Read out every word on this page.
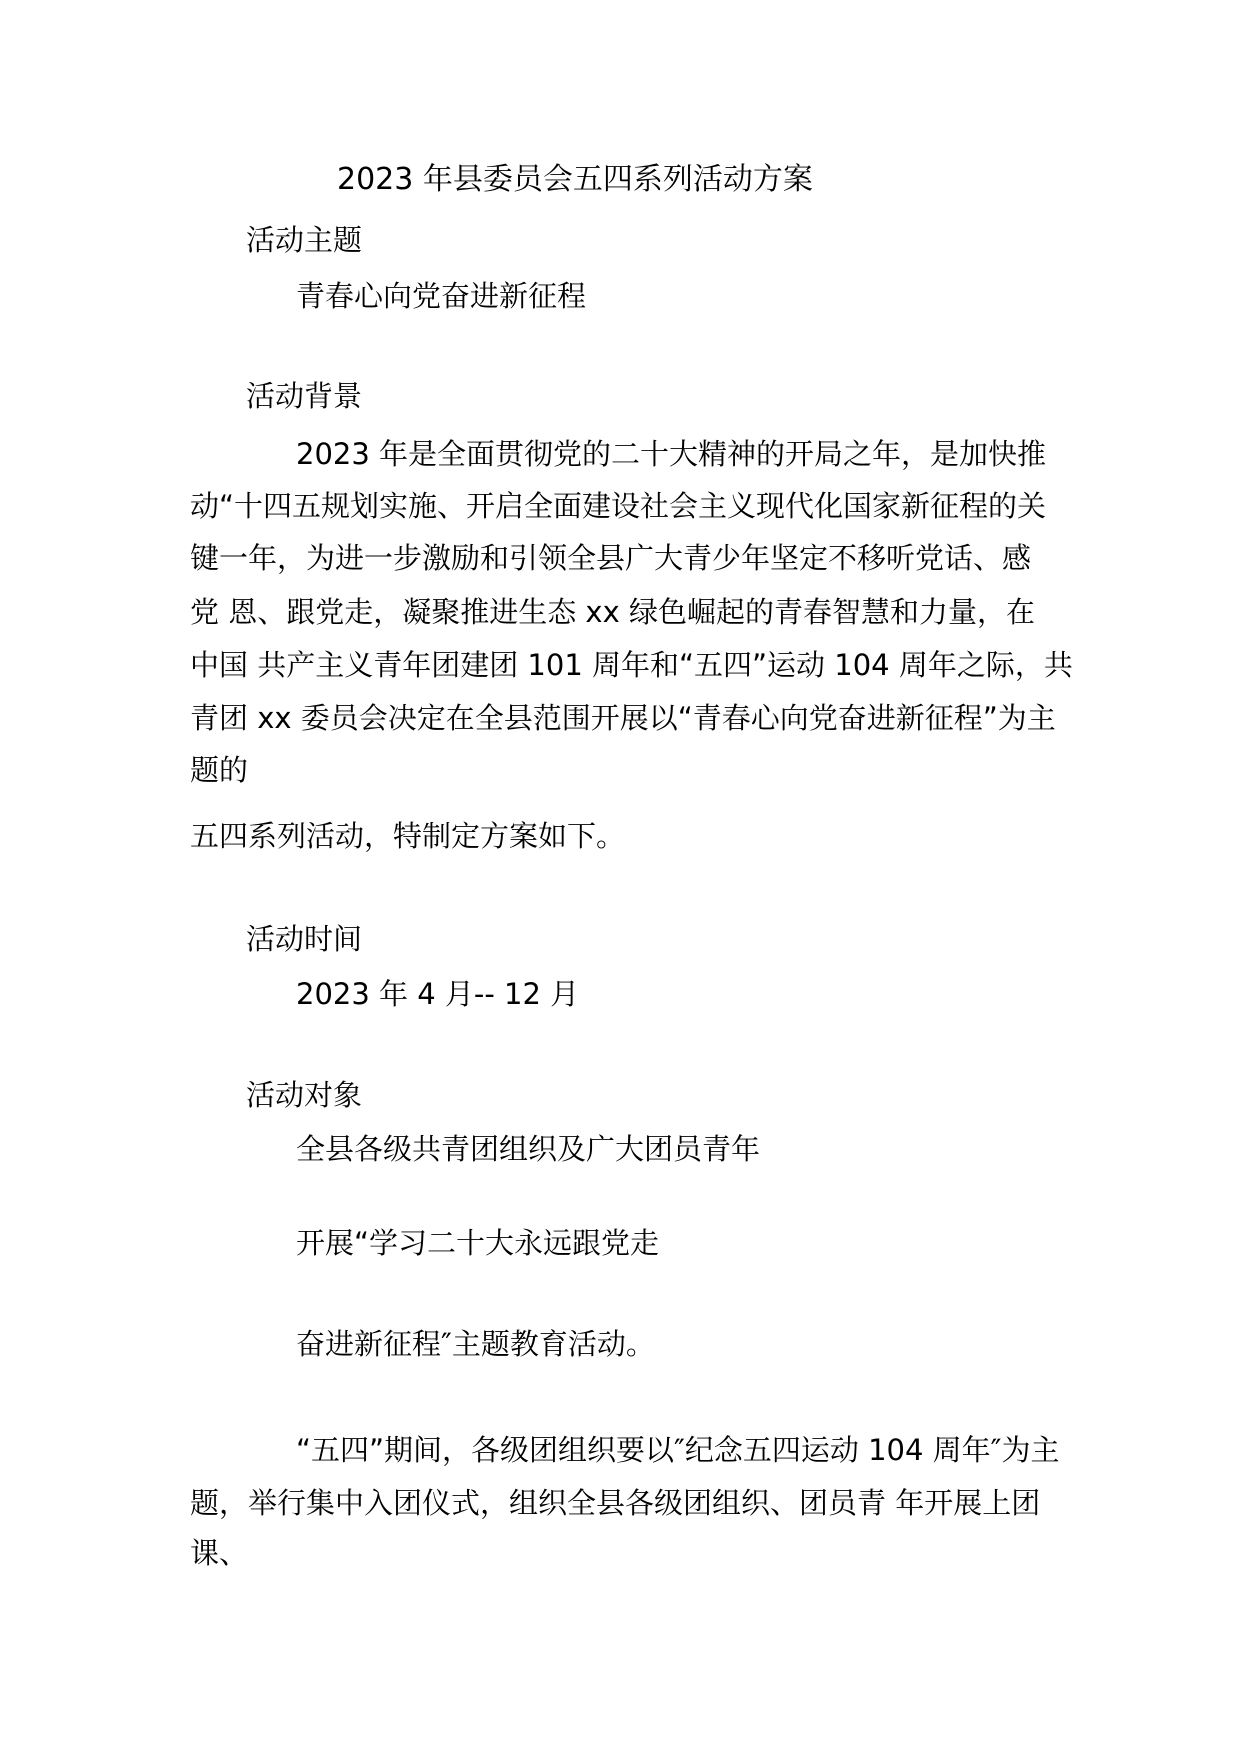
2023 年县委员会五四系列活动方案
活动主题
青春心向党奋进新征程
活动背景
2023 年是全面贯彻党的二十大精神的开局之年，是加快推
动“十四五规划实施、开启全面建设社会主义现代化国家新征程的关
键一年，为进一步激励和引领全县广大青少年坚定不移听党话、感
党 恩、跟党走，凝聚推进生态 xx 绿色崛起的青春智慧和力量，在
中国 共产主义青年团建团 101 周年和“五四”运动 104 周年之际，共
青团 xx 委员会决定在全县范围开展以“青春心向党奋进新征程”为主
题的
五四系列活动，特制定方案如下。
活动时间
2023 年 4 月-- 12 月
活动对象
全县各级共青团组织及广大团员青年
开展“学习二十大永远跟党走
奋进新征程″主题教育活动。
“五四”期间，各级团组织要以″纪念五四运动 104 周年″为主
题，举行集中入团仪式，组织全县各级团组织、团员青 年开展上团
课、
